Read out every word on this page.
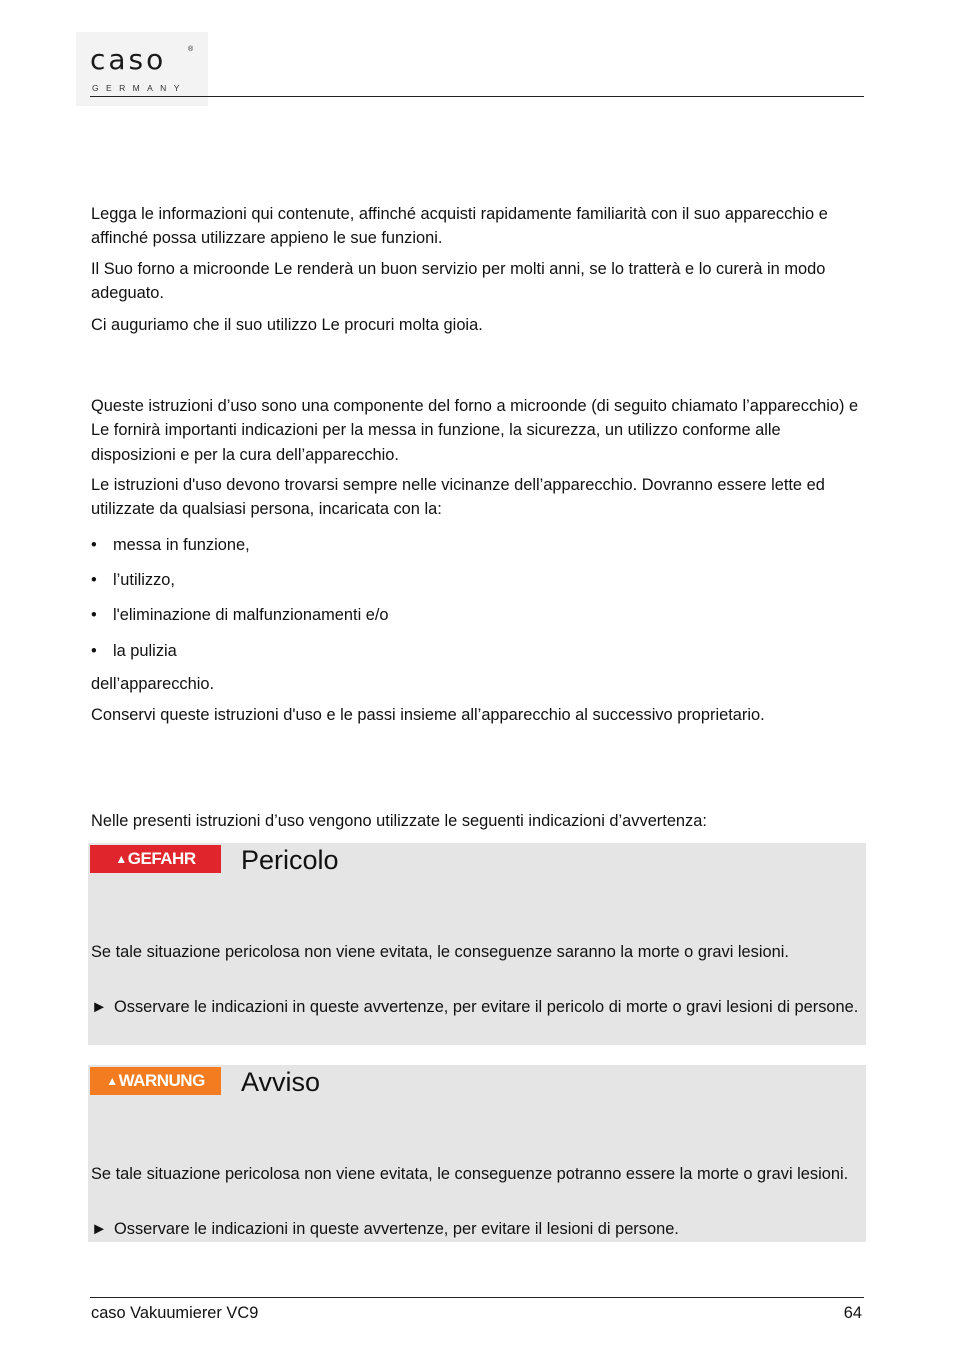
caso	®
GERMANY

Legga le informazioni qui contenute, affinché acquisti rapidamente familiarità con il suo apparecchio e affinché possa utilizzare appieno le sue funzioni.

Il Suo forno a microonde Le renderà un buon servizio per molti anni, se lo tratterà e lo curerà in modo adeguato.

Ci auguriamo che il suo utilizzo Le procuri molta gioia.

Queste istruzioni d’uso sono una componente del forno a microonde (di seguito chiamato l’apparecchio) e Le fornirà importanti indicazioni per la messa in funzione, la sicurezza, un utilizzo conforme alle disposizioni e per la cura dell’apparecchio.

Le istruzioni d'uso devono trovarsi sempre nelle vicinanze dell’apparecchio. Dovranno essere lette ed utilizzate da qualsiasi persona, incaricata con la:

• messa in funzione,
• l’utilizzo,
• l'eliminazione di malfunzionamenti e/o
• la pulizia

dell’apparecchio.

Conservi queste istruzioni d'uso e le passi insieme all’apparecchio al successivo proprietario.

Nelle presenti istruzioni d’uso vengono utilizzate le seguenti indicazioni d’avvertenza:

▲GEFAHR	Pericolo

Se tale situazione pericolosa non viene evitata, le conseguenze saranno la morte o gravi lesioni.

► Osservare le indicazioni in queste avvertenze, per evitare il pericolo di morte o gravi lesioni di persone.
▲WARNUNG	Avviso

Se tale situazione pericolosa non viene evitata, le conseguenze potranno essere la morte o gravi lesioni.

► Osservare le indicazioni in queste avvertenze, per evitare il lesioni di persone.
caso Vakuumierer VC9	64
